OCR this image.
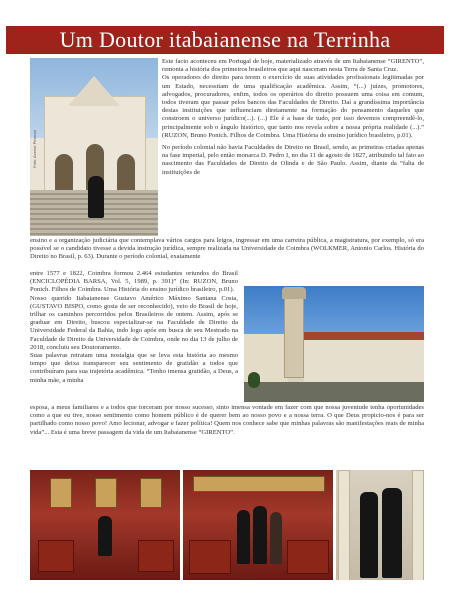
Um Doutor itabaianense na Terrinha
Foto: Acervo Pessoal

Este facto aconteceu em Portugal de hoje, materializado através de um Itabaianense “GIRENTO”, remonta a história dos primeiros brasileiros que aqui nasceram nesta Terra de Santa Cruz.

Os operadores do direito para terem o exercício de suas atividades profissionais legitimadas por um Estado, necessitam de uma qualificação acadêmica. Assim, “(...) juízes, promotores, advogados, procuradores, enfim, todos os operários do direito possuem uma coisa em comum, todos tiveram que passar pelos bancos das Faculdades de Direito. Daí a grandíssima importância destas instituições que influenciam diretamente na formação do pensamento daqueles que constroem o universo jurídico(...). (...) Ele é a base de tudo, por isso devemos compreendê-lo, principalmente sob o ângulo histórico, que tanto nos revela sobre a nossa própria realidade (...).” (RUZON, Bruno Ponich. Filhos de Coimbra. Uma História do ensino jurídico brasileiro, p.01).

No período colonial não havia Faculdades de Direito no Brasil, sendo, as primeiras criadas apenas na fase imperial, pelo então monarca D. Pedro I, no dia 11 de agosto de 1827, atribuindo tal fato ao nascimento das Faculdades de Direito de Olinda e de São Paulo. Assim, diante da “falta de instituições de

ensino e a organização judiciária que contemplava vários cargos para leigos, ingressar em uma carreira pública, a magistratura, por exemplo, só era possível se o candidato tivesse a devida instrução jurídica, sempre realizada na Universidade de Coimbra (WOLKMER, Antonio Carlos. História do Direito no Brasil, p. 63). Durante o período colonial, exatamente

entre 1577 e 1822, Coimbra formou 2.464 estudantes oriundos do Brasil (ENCICLOPÉDIA BARSA, Vol. 5, 1989, p. 391)” (In: RUZON, Bruno Ponich. Filhos de Coimbra. Uma História do ensino jurídico brasileiro, p.01).

Nosso querido Itabaianense Gustavo Américo Máximo Santana Costa, (GUSTAVO BISPO, como gosta de ser reconhecido), veio do Brasil de hoje, trilhar os caminhos percorridos pelos Brasileiros de ontem. Assim, após se graduar em Direito, buscou especializar-se na Faculdade de Direito da Universidade Federal da Bahia, indo logo após em busca de seu Mestrado na Faculdade de Direito da Universidade de Coimbra, onde no dia 13 de julho de 2018, concluiu seu Doutoramento.

Suas palavras retratam uma nostalgia que se leva esta história ao mesmo tempo que deixa transparecer seu sentimento de gratidão a todos que contribuíram para sua trajetória acadêmica. “Tenho imensa gratidão, a Deus, a minha mãe, a minha

esposa, a meus familiares e a todos que torceram por nosso sucesso, sinto imensa vontade em fazer com que nossa juventude tenha oportunidades como a que eu tive, nosso sentimento como homem público é de querer bem ao nosso povo e a nossa terra. O que Deus propicio-nos é para ser partilhado como nosso povo! Amo lecionar, advogar e fazer política! Quem nos conhece sabe que minhas palavras são manifestações reais de minha vida”... Esta é uma breve passagem da vida de um Itabaianense “GIRENTO”.
